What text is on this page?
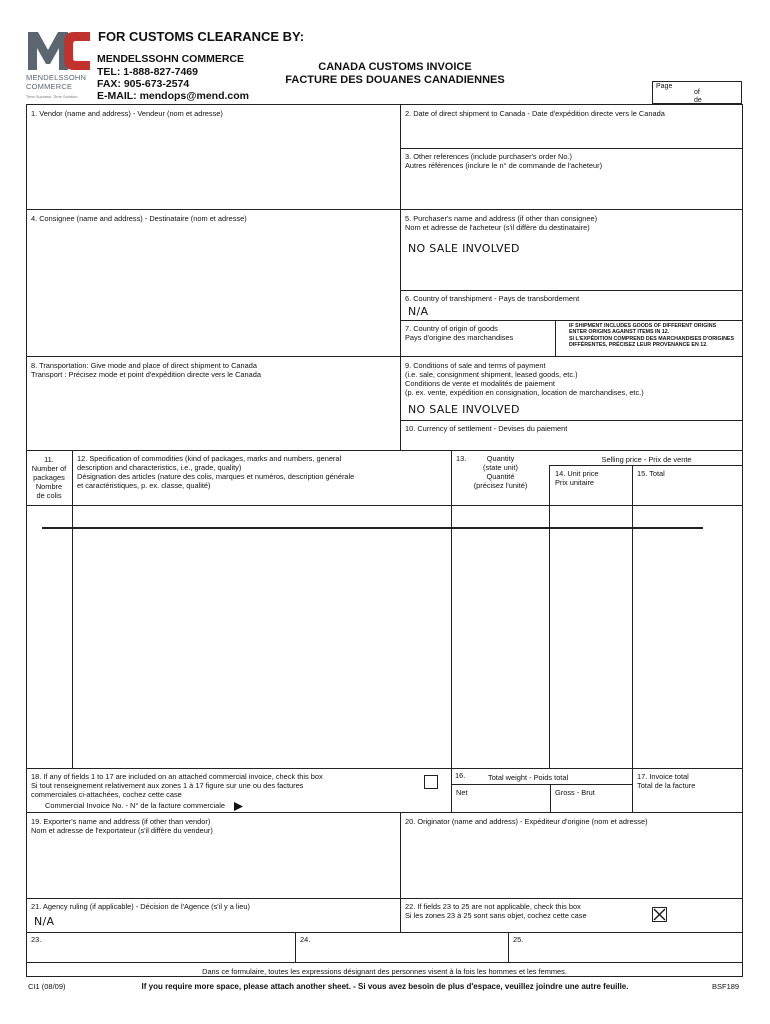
MENDELSSOHN
COMMERCE
Time Success. Time Solution.
FOR CUSTOMS CLEARANCE BY:
MENDELSSOHN COMMERCE
TEL: 1-888-827-7469
FAX: 905-673-2574
E-MAIL: mendops@mend.com
CANADA CUSTOMS INVOICE
FACTURE DES DOUANES CANADIENNES
Page
of
de
1. Vendor (name and address) - Vendeur (nom et adresse)	2. Date of direct shipment to Canada - Date d'expédition directe vers le Canada
3. Other references (include purchaser's order No.)
Autres références (inclure le n° de commande de l'acheteur)
4. Consignee (name and address) - Destinataire (nom et adresse)	5. Purchaser's name and address (if other than consignee)
Nom et adresse de l'acheteur (s'il diffère du destinataire)
NO SALE INVOLVED
6. Country of transhipment - Pays de transbordement
N/A
7. Country of origin of goods
Pays d'origine des marchandises
IF SHIPMENT INCLUDES GOODS OF DIFFERENT ORIGINS
ENTER ORIGINS AGAINST ITEMS IN 12.
SI L'EXPÉDITION COMPREND DES MARCHANDISES D'ORIGINES
DIFFÉRENTES, PRÉCISEZ LEUR PROVENANCE EN 12.
8. Transportation: Give mode and place of direct shipment to Canada
Transport : Précisez mode et point d'expédition directe vers le Canada
9. Conditions of sale and terms of payment
(i.e. sale, consignment shipment, leased goods, etc.)
Conditions de vente et modalités de paiement
(p. ex. vente, expédition en consignation, location de marchandises, etc.)
NO SALE INVOLVED
10. Currency of settlement - Devises du paiement
11.
Number of
packages
Nombre
de colis
12. Specification of commodities (kind of packages, marks and numbers, general
description and characteristics, i.e., grade, quality)
Désignation des articles (nature des colis, marques et numéros, description générale
et caractéristiques, p. ex. classe, qualité)
13.	Quantity
(state unit)
Quantité
(précisez l'unité)
Selling price - Prix de vente
14. Unit price
Prix unitaire
15. Total
18. If any of fields 1 to 17 are included on an attached commercial invoice, check this box
Si tout renseignement relativement aux zones 1 à 17 figure sur une ou des factures
commerciales ci-attachées, cochez cette case
Commercial Invoice No. - N° de la facture commerciale
16.	Total weight - Poids total
Net	Gross - Brut
17. Invoice total
Total de la facture
19. Exporter's name and address (if other than vendor)
Nom et adresse de l'exportateur (s'il diffère du vendeur)
20. Originator (name and address) - Expéditeur d'origine (nom et adresse)
21. Agency ruling (if applicable) - Décision de l'Agence (s'il y a lieu)
N/A
22. If fields 23 to 25 are not applicable, check this box
Si les zones 23 à 25 sont sans objet, cochez cette case
23.	24.	25.
Dans ce formulaire, toutes les expressions désignant des personnes visent à la fois les hommes et les femmes.
CI1 (08/09)	If you require more space, please attach another sheet. - Si vous avez besoin de plus d'espace, veuillez joindre une autre feuille.	BSF189
